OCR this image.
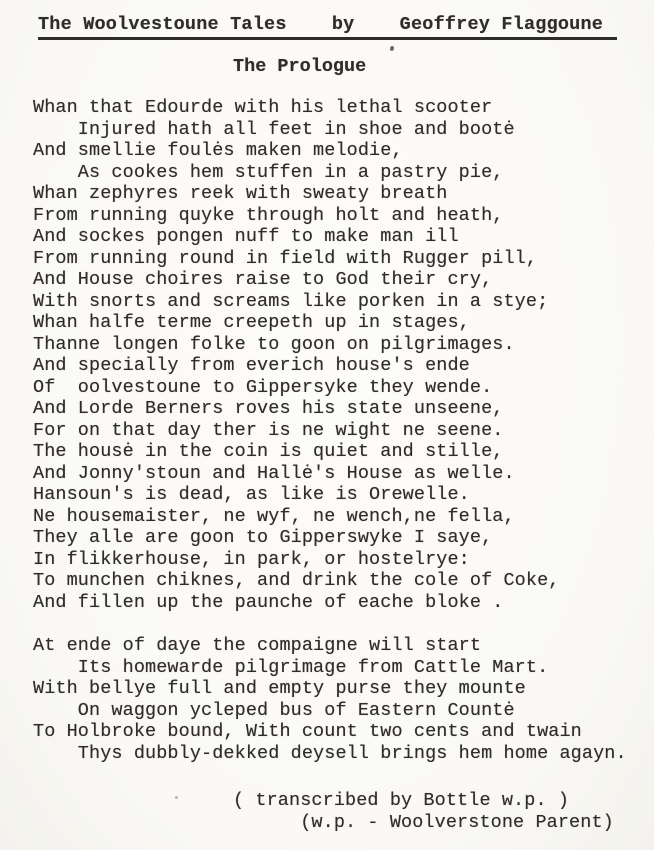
The Woolvestoune Tales    by    Geoffrey Flaggoune
The Prologue
Whan that Edourde with his lethal scooter
Injured hath all feet in shoe and bootė
And smellie foulės maken melodie,
As cookes hem stuffen in a pastry pie,
Whan zephyres reek with sweaty breath
From running quyke through holt and heath,
And sockes pongen nuff to make man ill
From running round in field with Rugger pill,
And House choires raise to God their cry,
With snorts and screams like porken in a stye;
Whan halfe terme creepeth up in stages,
Thanne longen folke to goon on pilgrimages.
And specially from everich house's ende
Of  oolvestoune to Gippersyke they wende.
And Lorde Berners roves his state unseene,
For on that day ther is ne wight ne seene.
The housė in the coin is quiet and stille,
And Jonny'stoun and Hallė's House as welle.
Hansoun's is dead, as like is Orewelle.
Ne housemaister, ne wyf, ne wench,ne fella,
They alle are goon to Gipperswyke I saye,
In flikkerhouse, in park, or hostelrye:
To munchen chiknes, and drink the cole of Coke,
And fillen up the paunche of eache bloke .
At ende of daye the compaigne will start
Its homewarde pilgrimage from Cattle Mart.
With bellye full and empty purse they mounte
On waggon ycleped bus of Eastern Countė
To Holbroke bound, With count two cents and twain
Thys dubbly-dekked deysell brings hem home agayn.
( transcribed by Bottle w.p. )
(w.p. - Woolverstone Parent)
